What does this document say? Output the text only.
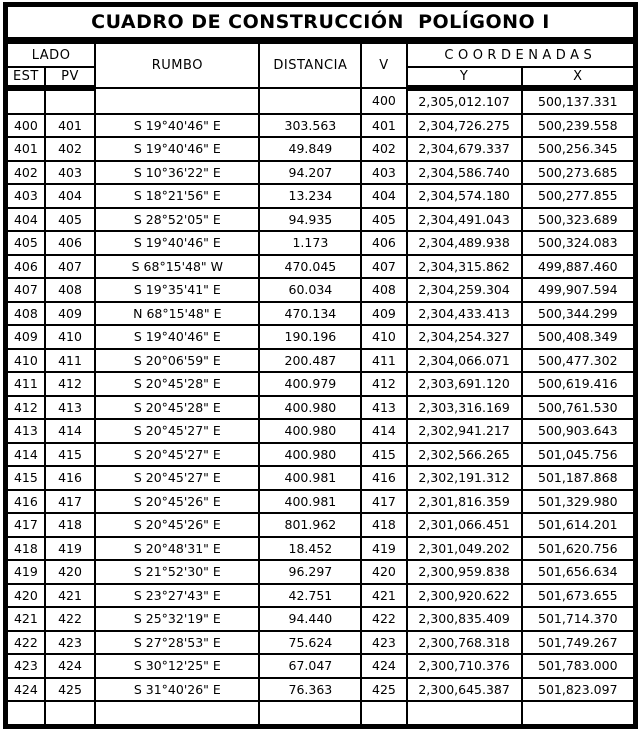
CUADRO DE CONSTRUCCIÓN  POLÍGONO I
LADO		RUMBO	DISTANCIA	V	COORDENADAS	
EST	PV				Y	X
				400	2,305,012.107	500,137.331
400	401	S 19°40'46" E	303.563	401	2,304,726.275	500,239.558
401	402	S 19°40'46" E	49.849	402	2,304,679.337	500,256.345
402	403	S 10°36'22" E	94.207	403	2,304,586.740	500,273.685
403	404	S 18°21'56" E	13.234	404	2,304,574.180	500,277.855
404	405	S 28°52'05" E	94.935	405	2,304,491.043	500,323.689
405	406	S 19°40'46" E	1.173	406	2,304,489.938	500,324.083
406	407	S 68°15'48" W	470.045	407	2,304,315.862	499,887.460
407	408	S 19°35'41" E	60.034	408	2,304,259.304	499,907.594
408	409	N 68°15'48" E	470.134	409	2,304,433.413	500,344.299
409	410	S 19°40'46" E	190.196	410	2,304,254.327	500,408.349
410	411	S 20°06'59" E	200.487	411	2,304,066.071	500,477.302
411	412	S 20°45'28" E	400.979	412	2,303,691.120	500,619.416
412	413	S 20°45'28" E	400.980	413	2,303,316.169	500,761.530
413	414	S 20°45'27" E	400.980	414	2,302,941.217	500,903.643
414	415	S 20°45'27" E	400.980	415	2,302,566.265	501,045.756
415	416	S 20°45'27" E	400.981	416	2,302,191.312	501,187.868
416	417	S 20°45'26" E	400.981	417	2,301,816.359	501,329.980
417	418	S 20°45'26" E	801.962	418	2,301,066.451	501,614.201
418	419	S 20°48'31" E	18.452	419	2,301,049.202	501,620.756
419	420	S 21°52'30" E	96.297	420	2,300,959.838	501,656.634
420	421	S 23°27'43" E	42.751	421	2,300,920.622	501,673.655
421	422	S 25°32'19" E	94.440	422	2,300,835.409	501,714.370
422	423	S 27°28'53" E	75.624	423	2,300,768.318	501,749.267
423	424	S 30°12'25" E	67.047	424	2,300,710.376	501,783.000
424	425	S 31°40'26" E	76.363	425	2,300,645.387	501,823.097
